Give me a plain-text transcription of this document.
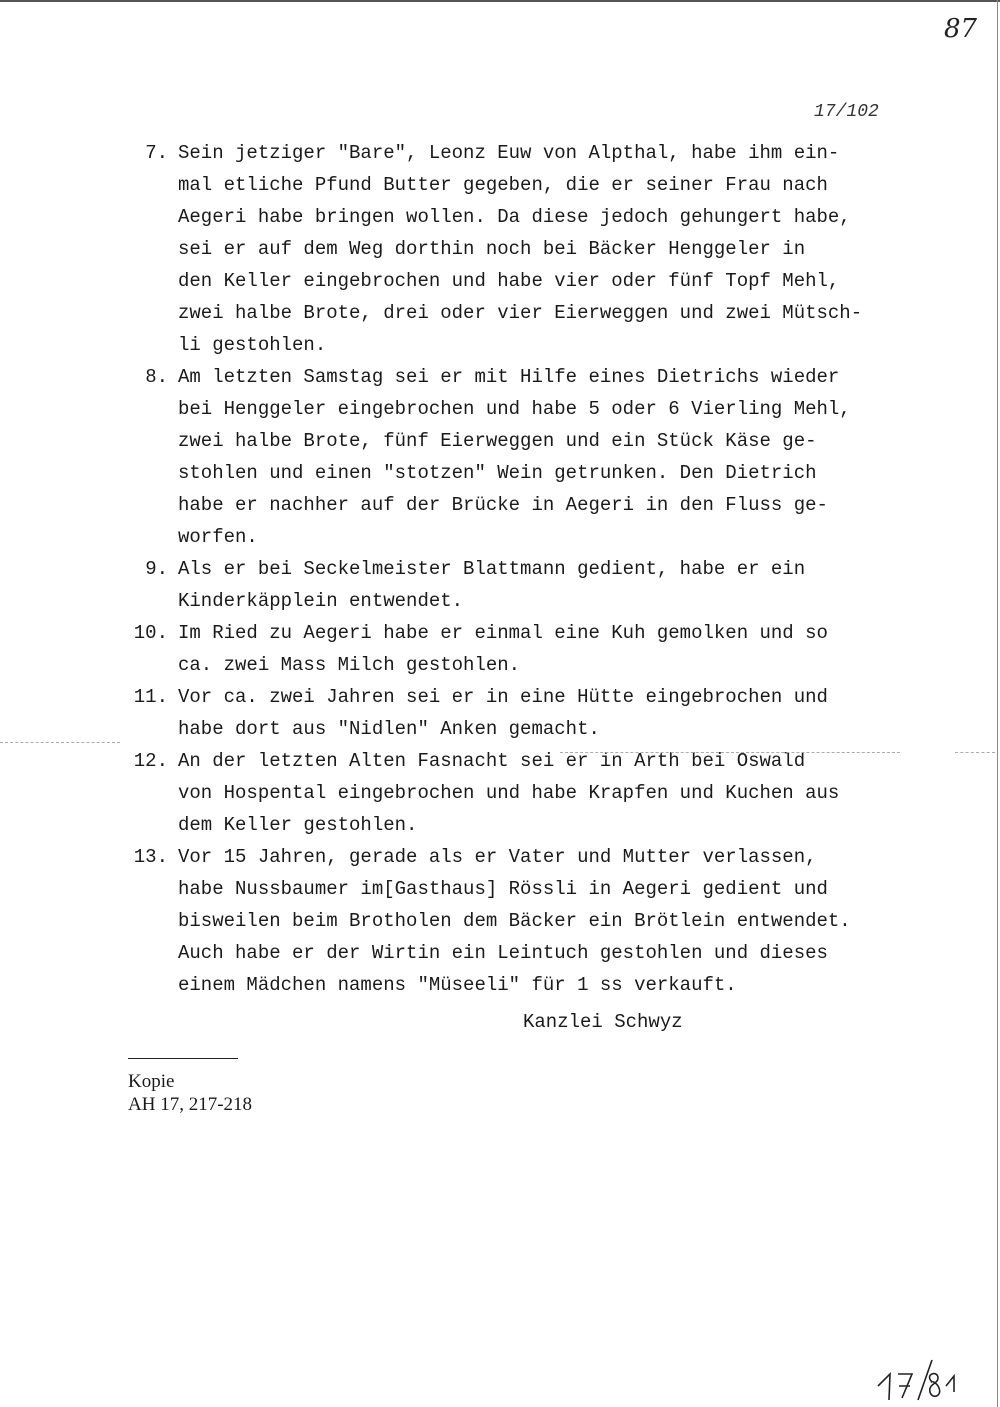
87
17/102
7. Sein jetziger "Bare", Leonz Euw von Alpthal, habe ihm ein-
mal etliche Pfund Butter gegeben, die er seiner Frau nach
Aegeri habe bringen wollen. Da diese jedoch gehungert habe,
sei er auf dem Weg dorthin noch bei Bäcker Henggeler in
den Keller eingebrochen und habe vier oder fünf Topf Mehl,
zwei halbe Brote, drei oder vier Eierweggen und zwei Mütsch-
li gestohlen.
8. Am letzten Samstag sei er mit Hilfe eines Dietrichs wieder
bei Henggeler eingebrochen und habe 5 oder 6 Vierling Mehl,
zwei halbe Brote, fünf Eierweggen und ein Stück Käse ge-
stohlen und einen "stotzen" Wein getrunken. Den Dietrich
habe er nachher auf der Brücke in Aegeri in den Fluss ge-
worfen.
9. Als er bei Seckelmeister Blattmann gedient, habe er ein
Kinderkäpplein entwendet.
10. Im Ried zu Aegeri habe er einmal eine Kuh gemolken und so
ca. zwei Mass Milch gestohlen.
11. Vor ca. zwei Jahren sei er in eine Hütte eingebrochen und
habe dort aus "Nidlen" Anken gemacht.
12. An der letzten Alten Fasnacht sei er in Arth bei Oswald
von Hospental eingebrochen und habe Krapfen und Kuchen aus
dem Keller gestohlen.
13. Vor 15 Jahren, gerade als er Vater und Mutter verlassen,
habe Nussbaumer im[Gasthaus] Rössli in Aegeri gedient und
bisweilen beim Brotholen dem Bäcker ein Brötlein entwendet.
Auch habe er der Wirtin ein Leintuch gestohlen und dieses
einem Mädchen namens "Müseeli" für 1 ss verkauft.
Kanzlei Schwyz
Kopie
AH 17, 217-218
